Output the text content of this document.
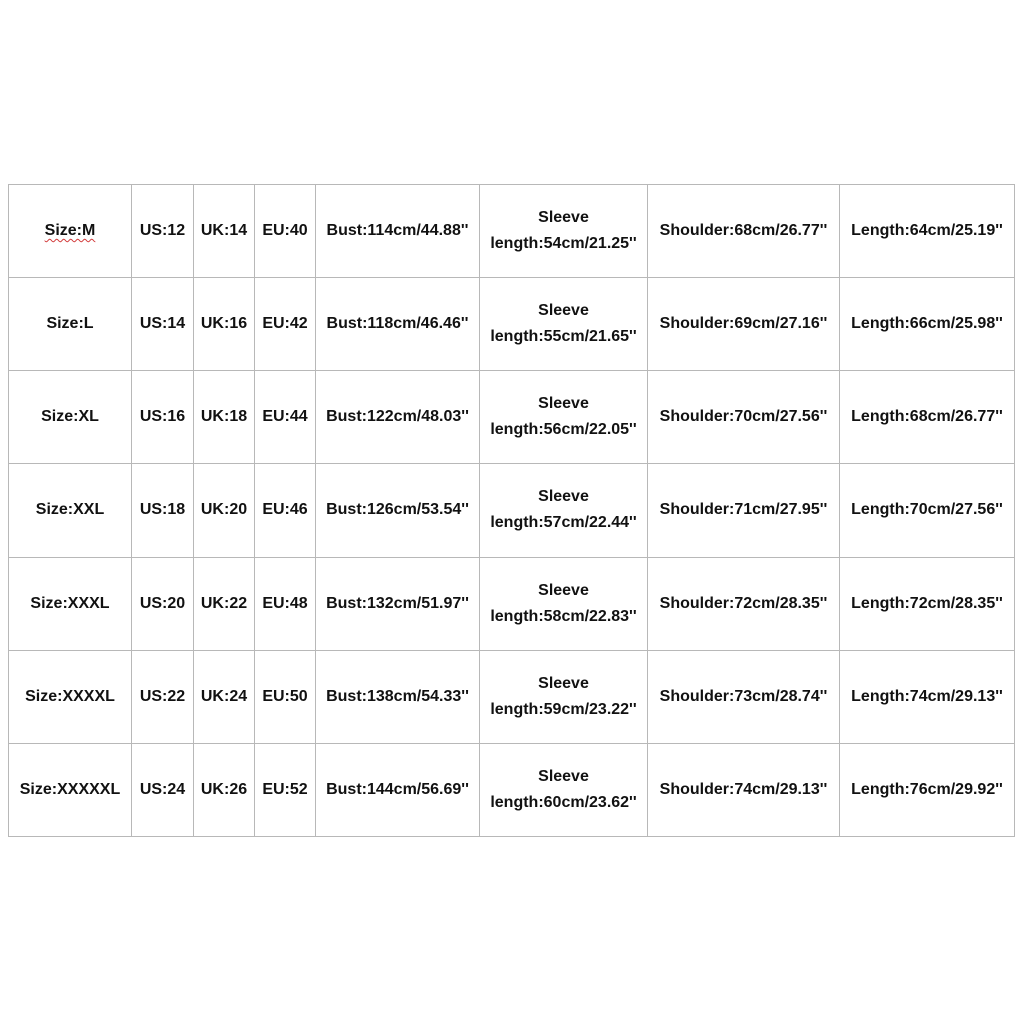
Size:M	US:12	UK:14	EU:40	Bust:114cm/44.88''	Sleeve
length:54cm/21.25''	Shoulder:68cm/26.77''	Length:64cm/25.19''
Size:L	US:14	UK:16	EU:42	Bust:118cm/46.46''	Sleeve
length:55cm/21.65''	Shoulder:69cm/27.16''	Length:66cm/25.98''
Size:XL	US:16	UK:18	EU:44	Bust:122cm/48.03''	Sleeve
length:56cm/22.05''	Shoulder:70cm/27.56''	Length:68cm/26.77''
Size:XXL	US:18	UK:20	EU:46	Bust:126cm/53.54''	Sleeve
length:57cm/22.44''	Shoulder:71cm/27.95''	Length:70cm/27.56''
Size:XXXL	US:20	UK:22	EU:48	Bust:132cm/51.97''	Sleeve
length:58cm/22.83''	Shoulder:72cm/28.35''	Length:72cm/28.35''
Size:XXXXL	US:22	UK:24	EU:50	Bust:138cm/54.33''	Sleeve
length:59cm/23.22''	Shoulder:73cm/28.74''	Length:74cm/29.13''
Size:XXXXXL	US:24	UK:26	EU:52	Bust:144cm/56.69''	Sleeve
length:60cm/23.62''	Shoulder:74cm/29.13''	Length:76cm/29.92''
